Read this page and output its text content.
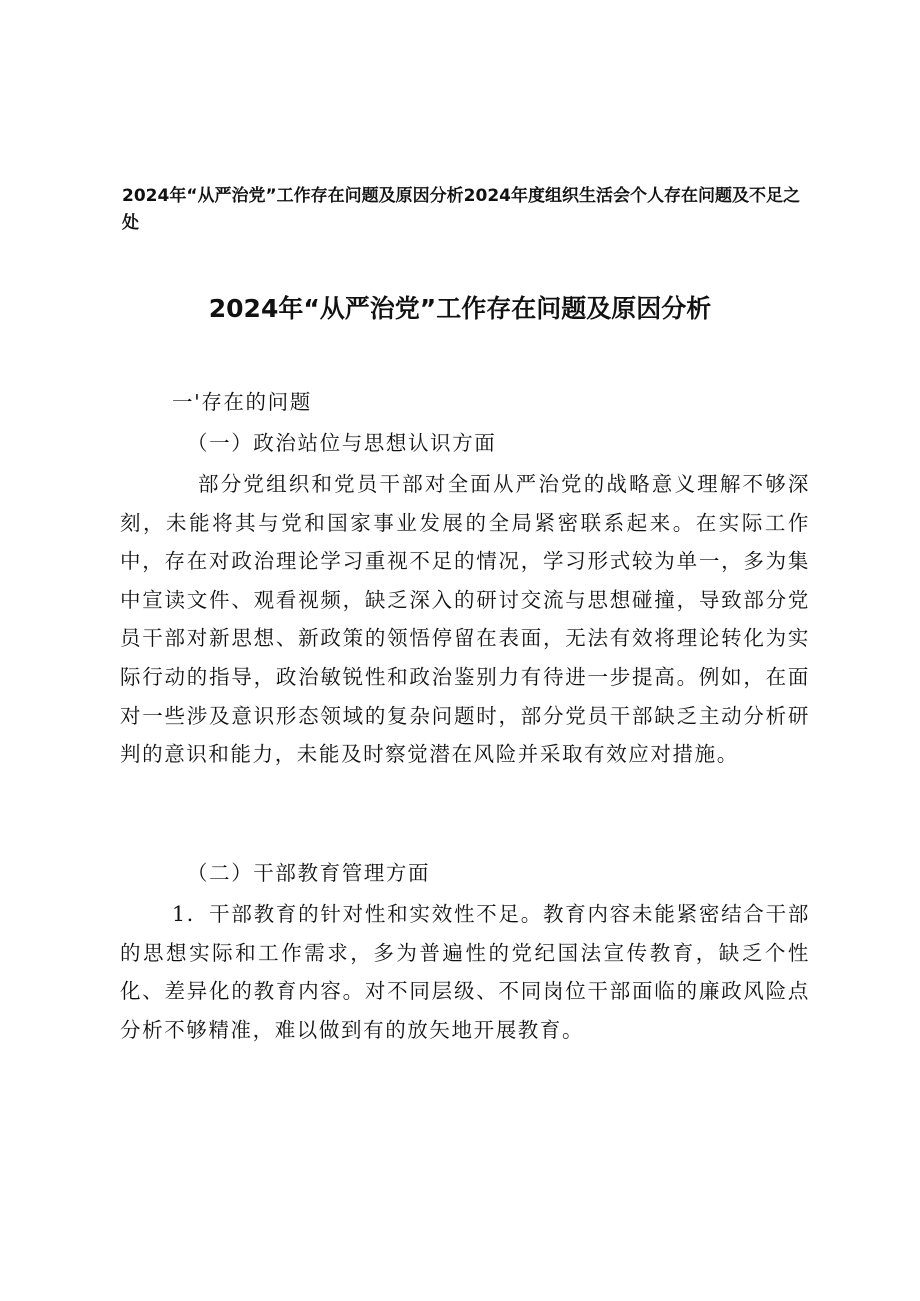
2024年“从严治党”工作存在问题及原因分析2024年度组织生活会个人存在问题及不足之处

2024年“从严治党”工作存在问题及原因分析

一'存在的问题

（一）政治站位与思想认识方面

部分党组织和党员干部对全面从严治党的战略意义理解不够深刻，未能将其与党和国家事业发展的全局紧密联系起来。在实际工作中，存在对政治理论学习重视不足的情况，学习形式较为单一，多为集中宣读文件、观看视频，缺乏深入的研讨交流与思想碰撞，导致部分党员干部对新思想、新政策的领悟停留在表面，无法有效将理论转化为实际行动的指导，政治敏锐性和政治鉴别力有待进一步提高。例如，在面对一些涉及意识形态领域的复杂问题时，部分党员干部缺乏主动分析研判的意识和能力，未能及时察觉潜在风险并采取有效应对措施。

（二）干部教育管理方面

1．干部教育的针对性和实效性不足。教育内容未能紧密结合干部的思想实际和工作需求，多为普遍性的党纪国法宣传教育，缺乏个性化、差异化的教育内容。对不同层级、不同岗位干部面临的廉政风险点分析不够精准，难以做到有的放矢地开展教育。
